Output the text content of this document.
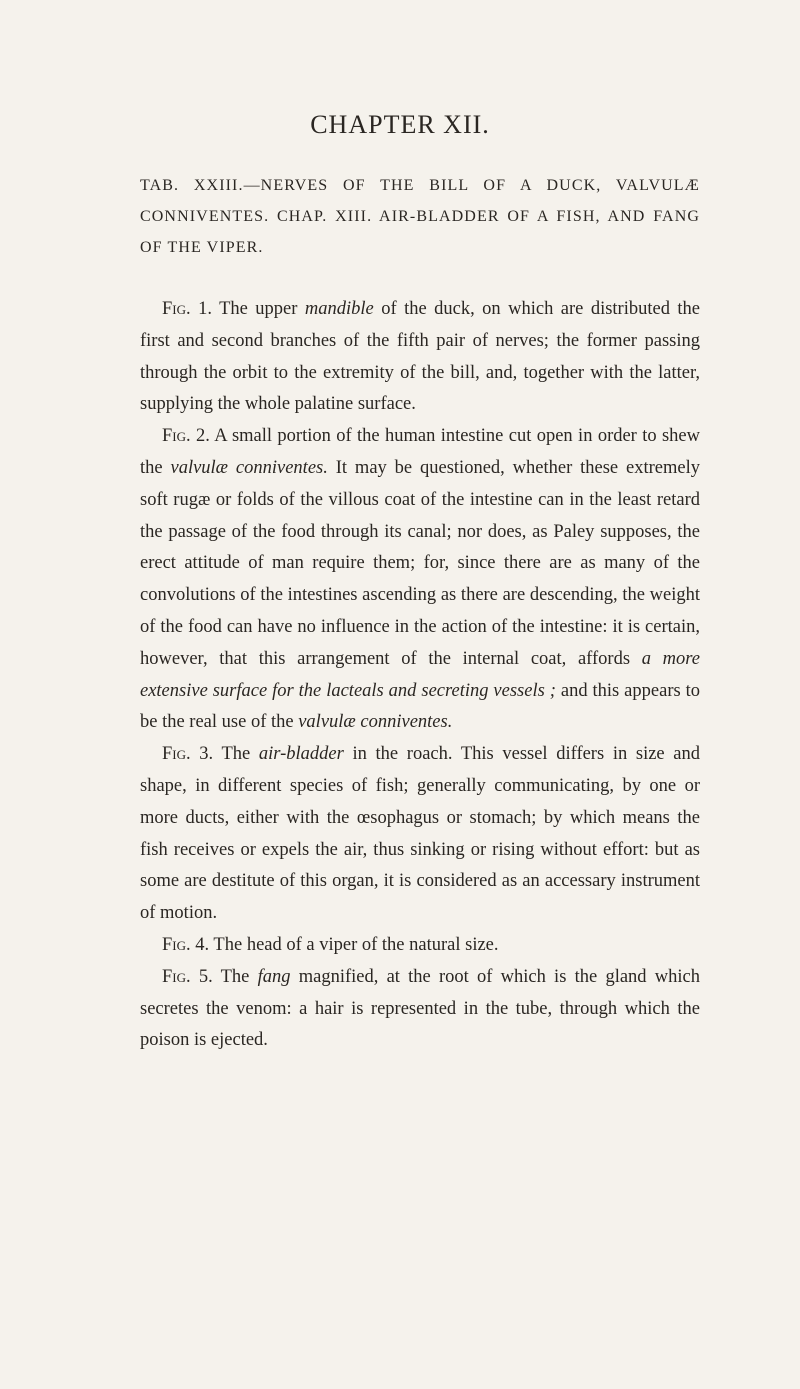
CHAPTER XII.
TAB. XXIII.—NERVES OF THE BILL OF A DUCK, VALVULÆ CONNIVENTES. CHAP. XIII. AIR-BLADDER OF A FISH, AND FANG OF THE VIPER.

Fig. 1. The upper mandible of the duck, on which are distributed the first and second branches of the fifth pair of nerves; the former passing through the orbit to the extremity of the bill, and, together with the latter, supplying the whole palatine surface.

Fig. 2. A small portion of the human intestine cut open in order to shew the valvulæ conniventes. It may be questioned, whether these extremely soft rugæ or folds of the villous coat of the intestine can in the least retard the passage of the food through its canal; nor does, as Paley supposes, the erect attitude of man require them; for, since there are as many of the convolutions of the intestines ascending as there are descending, the weight of the food can have no influence in the action of the intestine: it is certain, however, that this arrangement of the internal coat, affords a more extensive surface for the lacteals and secreting vessels ; and this appears to be the real use of the valvulæ conniventes.

Fig. 3. The air-bladder in the roach. This vessel differs in size and shape, in different species of fish; generally communicating, by one or more ducts, either with the œsophagus or stomach; by which means the fish receives or expels the air, thus sinking or rising without effort: but as some are destitute of this organ, it is considered as an accessary instrument of motion.

Fig. 4. The head of a viper of the natural size.

Fig. 5. The fang magnified, at the root of which is the gland which secretes the venom: a hair is represented in the tube, through which the poison is ejected.
